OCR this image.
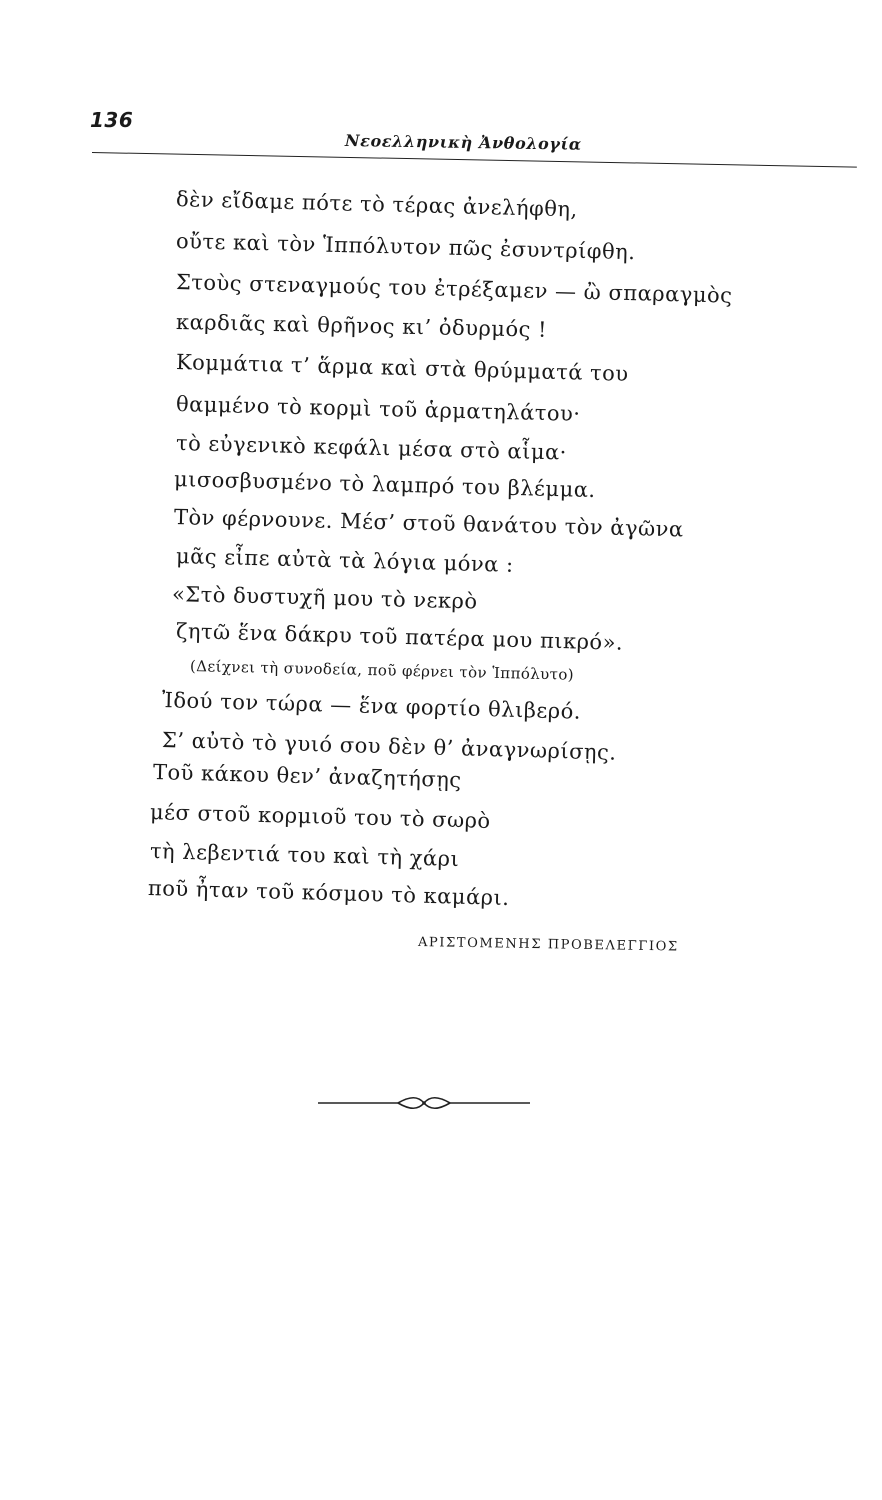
136
Νεοελληνικὴ Ἀνθολογία
δὲν εἴδαμε πότε τὸ τέρας ἀνελήφθη,
οὔτε καὶ τὸν Ἱππόλυτον πῶς ἐσυντρίφθη.
Στοὺς στεναγμούς του ἐτρέξαμεν — ὢ σπαραγμὸς
καρδιᾶς καὶ θρῆνος κι’ ὀδυρμός !
Κομμάτια τ’ ἅρμα καὶ στὰ θρύμματά του
θαμμένο τὸ κορμὶ τοῦ ἁρματηλάτου·
τὸ εὐγενικὸ κεφάλι μέσα στὸ αἷμα·
μισοσβυσμένο τὸ λαμπρό του βλέμμα.
Τὸν φέρνουνε. Μέσ’ στοῦ θανάτου τὸν ἀγῶνα
μᾶς εἶπε αὐτὰ τὰ λόγια μόνα :
«Στὸ δυστυχῆ μου τὸ νεκρὸ
ζητῶ ἕνα δάκρυ τοῦ πατέρα μου πικρό».
(Δείχνει τὴ συνοδεία, ποῦ φέρνει τὸν Ἱππόλυτο)
Ἰδού τον τώρα — ἕνα φορτίο θλιβερό.
Σ’ αὐτὸ τὸ γυιό σου δὲν θ’ ἀναγνωρίσῃς.
Τοῦ κάκου θεν’ ἀναζητήσῃς
μέσ στοῦ κορμιοῦ του τὸ σωρὸ
τὴ λεβεντιά του καὶ τὴ χάρι
ποῦ ἦταν τοῦ κόσμου τὸ καμάρι.
ΑΡΙΣΤΟΜΕΝΗΣ ΠΡΟΒΕΛΕΓΓΙΟΣ
